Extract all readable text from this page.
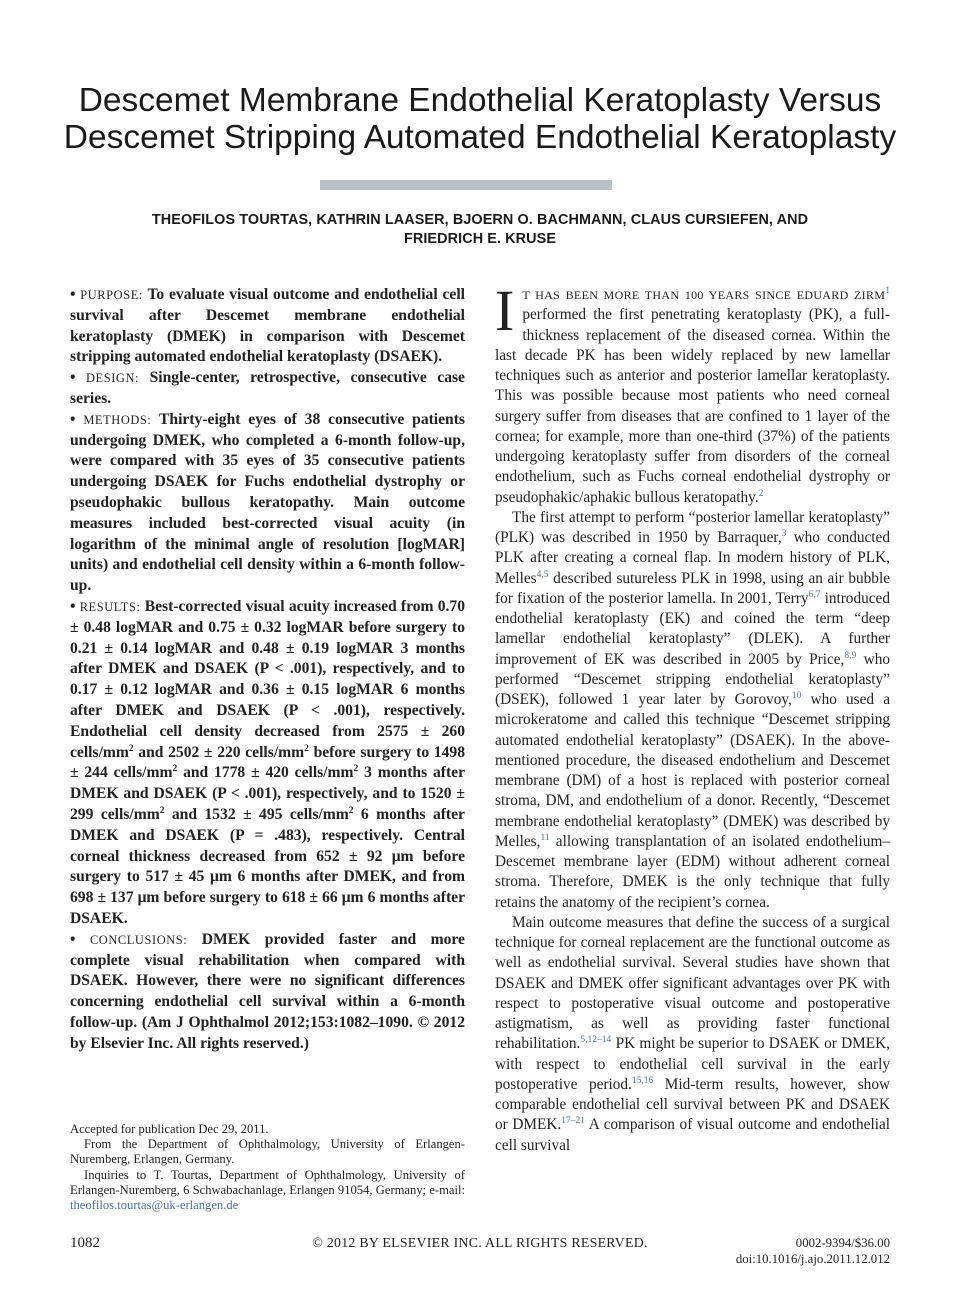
Descemet Membrane Endothelial Keratoplasty Versus
Descemet Stripping Automated Endothelial Keratoplasty
THEOFILOS TOURTAS, KATHRIN LAASER, BJOERN O. BACHMANN, CLAUS CURSIEFEN, AND
FRIEDRICH E. KRUSE

• PURPOSE: To evaluate visual outcome and endothelial cell survival after Descemet membrane endothelial keratoplasty (DMEK) in comparison with Descemet stripping automated endothelial keratoplasty (DSAEK).

• DESIGN: Single-center, retrospective, consecutive case series.

• METHODS: Thirty-eight eyes of 38 consecutive patients undergoing DMEK, who completed a 6-month follow-up, were compared with 35 eyes of 35 consecutive patients undergoing DSAEK for Fuchs endothelial dystrophy or pseudophakic bullous keratopathy. Main outcome measures included best-corrected visual acuity (in logarithm of the minimal angle of resolution [logMAR] units) and endothelial cell density within a 6-month follow-up.

• RESULTS: Best-corrected visual acuity increased from 0.70 ± 0.48 logMAR and 0.75 ± 0.32 logMAR before surgery to 0.21 ± 0.14 logMAR and 0.48 ± 0.19 logMAR 3 months after DMEK and DSAEK (P < .001), respectively, and to 0.17 ± 0.12 logMAR and 0.36 ± 0.15 logMAR 6 months after DMEK and DSAEK (P < .001), respectively. Endothelial cell density decreased from 2575 ± 260 cells/$mm^2$ and 2502 ± 220 cells/$mm^2$ before surgery to 1498 ± 244 cells/$mm^2$ and 1778 ± 420 cells/$mm^2$ 3 months after DMEK and DSAEK (P < .001), respectively, and to 1520 ± 299 cells/$mm^2$ and 1532 ± 495 cells/$mm^2$ 6 months after DMEK and DSAEK (P = .483), respectively. Central corneal thickness decreased from 652 ± 92 μm before surgery to 517 ± 45 μm 6 months after DMEK, and from 698 ± 137 μm before surgery to 618 ± 66 μm 6 months after DSAEK.

• CONCLUSIONS: DMEK provided faster and more complete visual rehabilitation when compared with DSAEK. However, there were no significant differences concerning endothelial cell survival within a 6-month follow-up. (Am J Ophthalmol 2012;153:1082–1090. © 2012 by Elsevier Inc. All rights reserved.)

Accepted for publication Dec 29, 2011.

From the Department of Ophthalmology, University of Erlangen-Nuremberg, Erlangen, Germany.

Inquiries to T. Tourtas, Department of Ophthalmology, University of Erlangen-Nuremberg, 6 Schwabachanlage, Erlangen 91054, Germany; e-mail: theofilos.tourtas@uk-erlangen.de

I T HAS BEEN MORE THAN 100 YEARS SINCE EDUARD ZIRM$^1$ performed the first penetrating keratoplasty (PK), a full-thickness replacement of the diseased cornea. Within the last decade PK has been widely replaced by new lamellar techniques such as anterior and posterior lamellar keratoplasty. This was possible because most patients who need corneal surgery suffer from diseases that are confined to 1 layer of the cornea; for example, more than one-third (37%) of the patients undergoing keratoplasty suffer from disorders of the corneal endothelium, such as Fuchs corneal endothelial dystrophy or pseudophakic/aphakic bullous keratopathy.$^2$

The first attempt to perform “posterior lamellar keratoplasty” (PLK) was described in 1950 by Barraquer,$^3$ who conducted PLK after creating a corneal flap. In modern history of PLK, Melles$^{4,5}$ described sutureless PLK in 1998, using an air bubble for fixation of the posterior lamella. In 2001, Terry$^{6,7}$ introduced endothelial keratoplasty (EK) and coined the term “deep lamellar endothelial keratoplasty” (DLEK). A further improvement of EK was described in 2005 by Price,$^{8,9}$ who performed “Descemet stripping endothelial keratoplasty” (DSEK), followed 1 year later by Gorovoy,$^{10}$ who used a microkeratome and called this technique “Descemet stripping automated endothelial keratoplasty” (DSAEK). In the above-mentioned procedure, the diseased endothelium and Descemet membrane (DM) of a host is replaced with posterior corneal stroma, DM, and endothelium of a donor. Recently, “Descemet membrane endothelial keratoplasty” (DMEK) was described by Melles,$^{11}$ allowing transplantation of an isolated endothelium–Descemet membrane layer (EDM) without adherent corneal stroma. Therefore, DMEK is the only technique that fully retains the anatomy of the recipient’s cornea.

Main outcome measures that define the success of a surgical technique for corneal replacement are the functional outcome as well as endothelial survival. Several studies have shown that DSAEK and DMEK offer significant advantages over PK with respect to postoperative visual outcome and postoperative astigmatism, as well as providing faster functional rehabilitation.$^{5,12-14}$ PK might be superior to DSAEK or DMEK, with respect to endothelial cell survival in the early postoperative period.$^{15,16}$ Mid-term results, however, show comparable endothelial cell survival between PK and DSAEK or DMEK.$^{17-21}$ A comparison of visual outcome and endothelial cell survival

1082	© 2012 BY ELSEVIER INC. ALL RIGHTS RESERVED.	0002-9394/$36.00
doi:10.1016/j.ajo.2011.12.012
